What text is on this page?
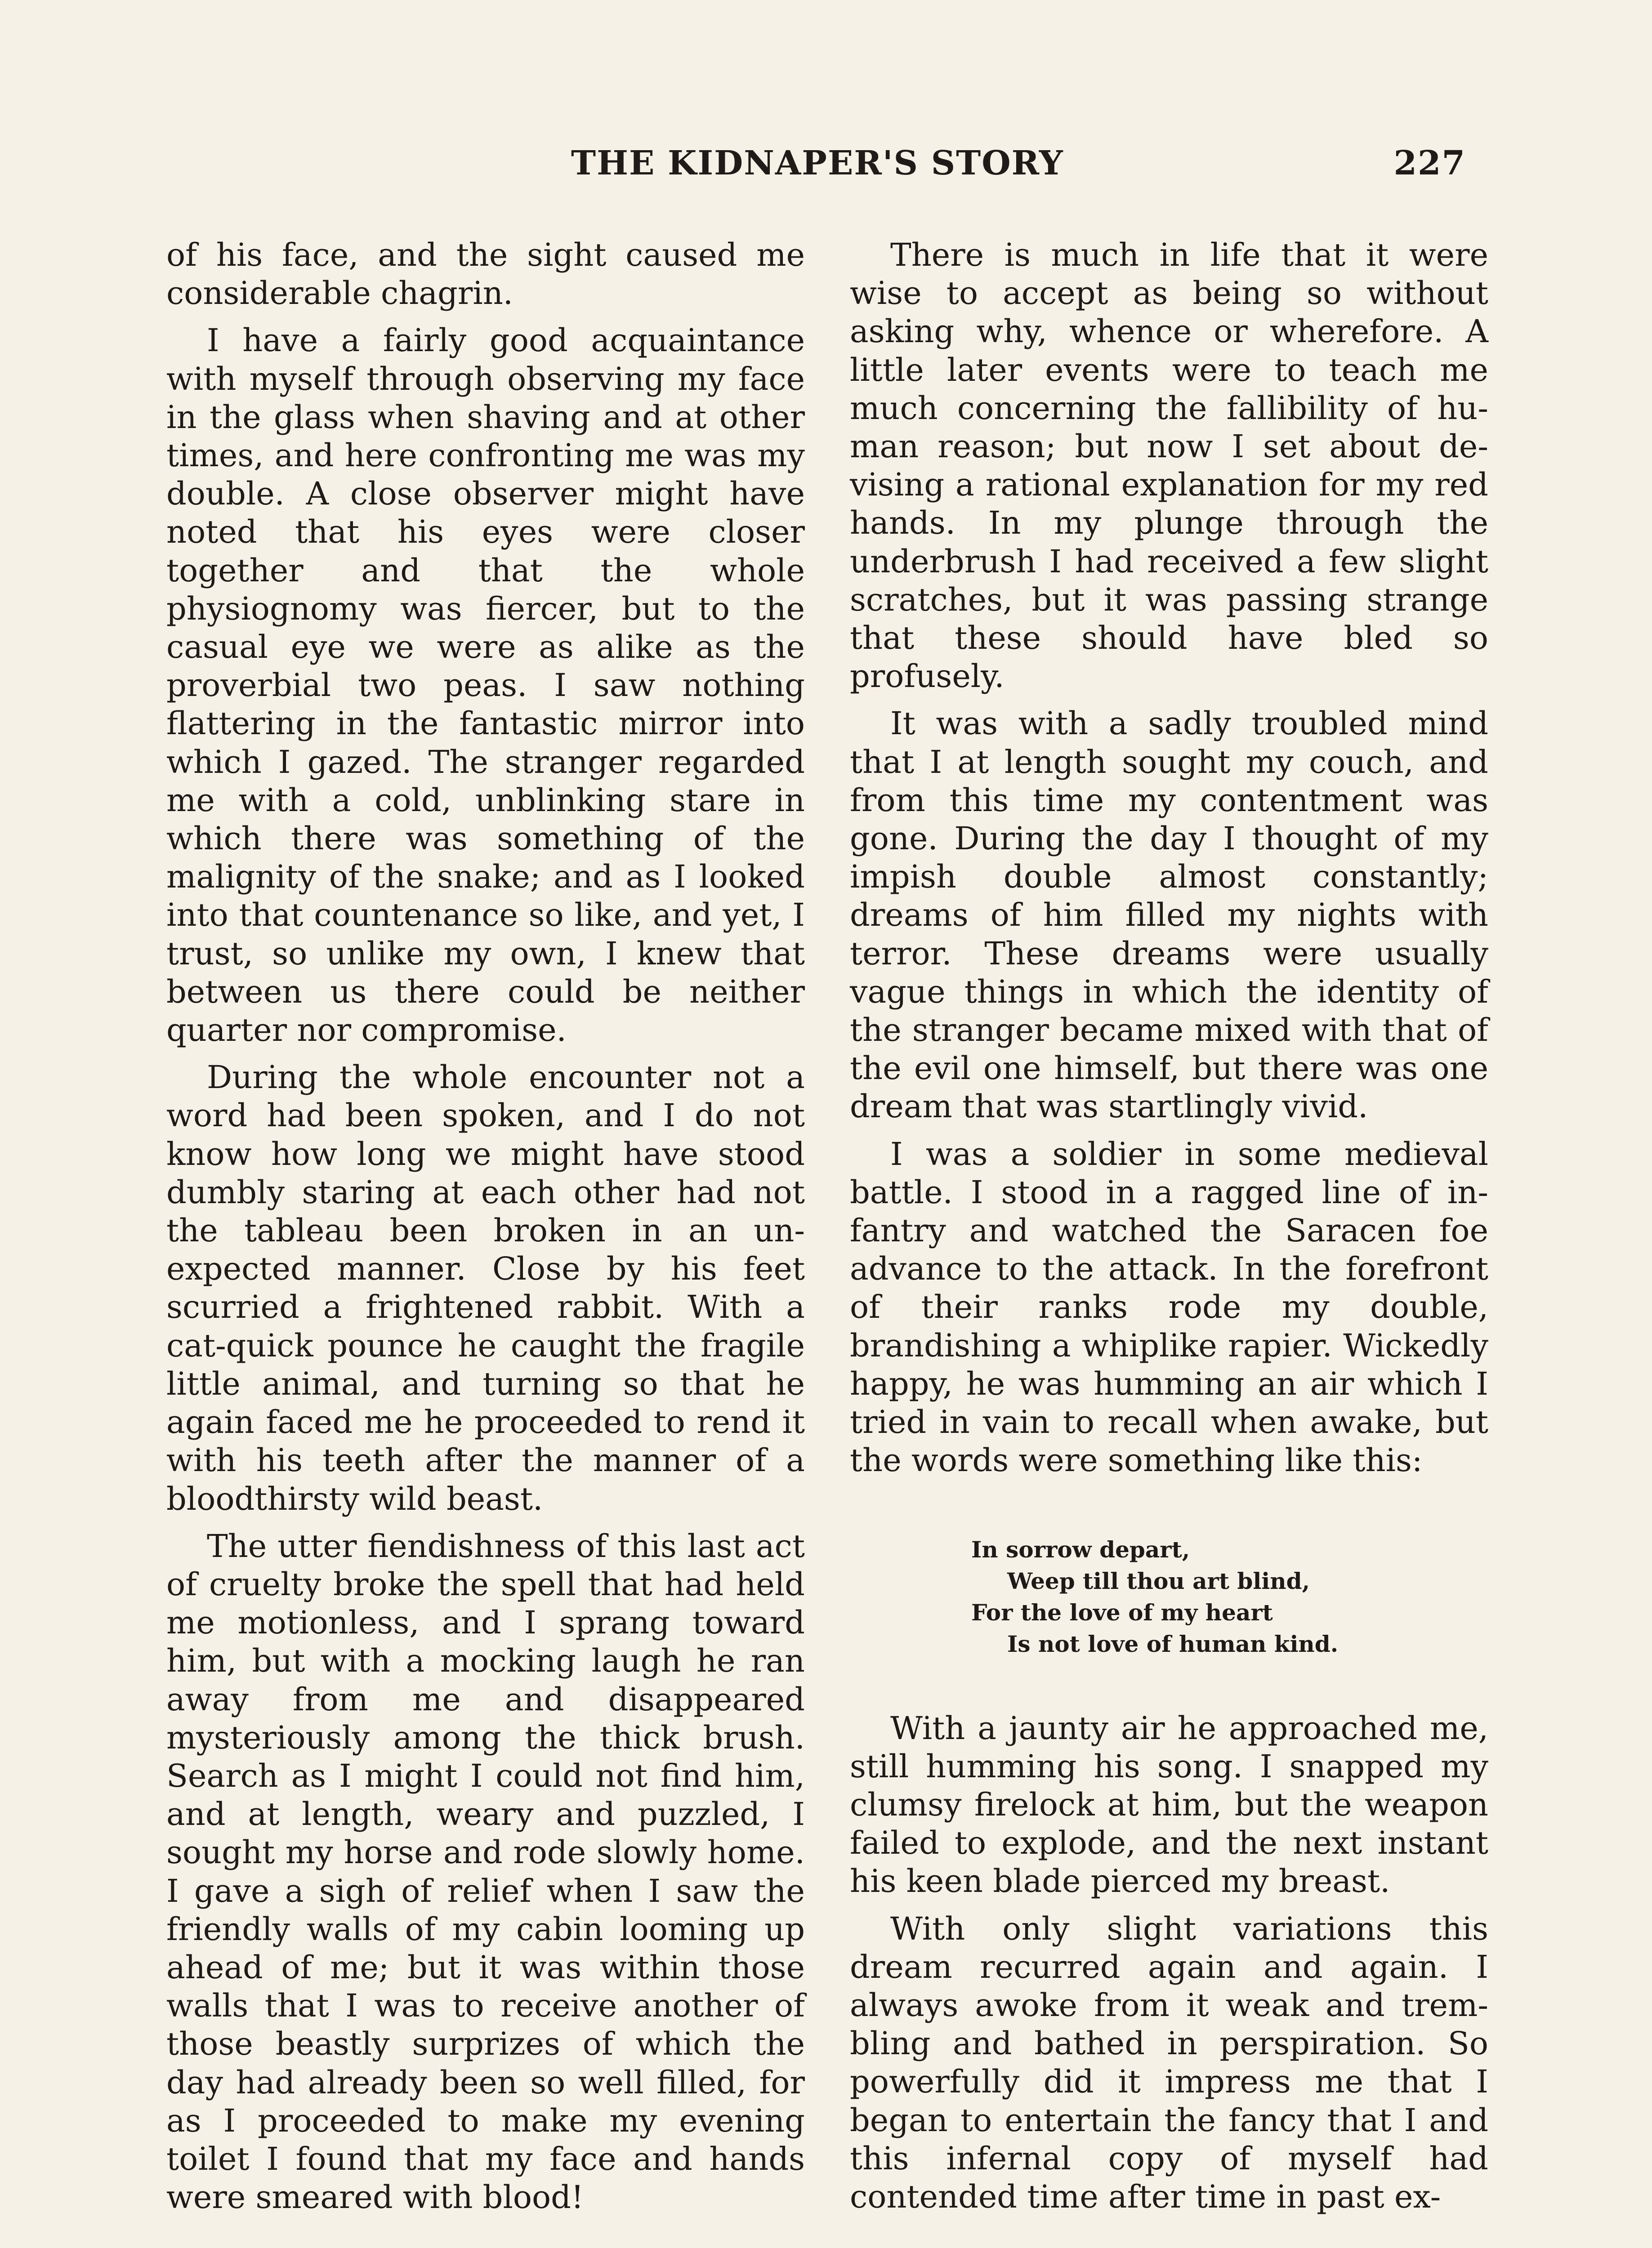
THE KIDNAPER'S STORY	227

of his face, and the sight caused me considerable chagrin.

I have a fairly good acquaintance with myself through observing my face in the glass when shaving and at other times, and here confronting me was my double. A close observer might have noted that his eyes were closer together and that the whole physiognomy was fiercer, but to the casual eye we were as alike as the proverbial two peas. I saw nothing flattering in the fantastic mirror into which I gazed. The stranger regarded me with a cold, unblinking stare in which there was something of the malignity of the snake; and as I looked into that countenance so like, and yet, I trust, so unlike my own, I knew that between us there could be neither quarter nor compromise.

During the whole encounter not a word had been spoken, and I do not know how long we might have stood dumbly staring at each other had not the tableau been broken in an unexpected manner. Close by his feet scurried a frightened rabbit. With a cat-quick pounce he caught the fragile little animal, and turning so that he again faced me he proceeded to rend it with his teeth after the manner of a bloodthirsty wild beast.

The utter fiendishness of this last act of cruelty broke the spell that had held me motionless, and I sprang toward him, but with a mocking laugh he ran away from me and disappeared mysteriously among the thick brush. Search as I might I could not find him, and at length, weary and puzzled, I sought my horse and rode slowly home. I gave a sigh of relief when I saw the friendly walls of my cabin looming up ahead of me; but it was within those walls that I was to receive another of those beastly surprizes of which the day had already been so well filled, for as I proceeded to make my evening toilet I found that my face and hands were smeared with blood!

There is much in life that it were wise to accept as being so without asking why, whence or wherefore. A little later events were to teach me much concerning the fallibility of human reason; but now I set about devising a rational explanation for my red hands. In my plunge through the underbrush I had received a few slight scratches, but it was passing strange that these should have bled so profusely.

It was with a sadly troubled mind that I at length sought my couch, and from this time my contentment was gone. During the day I thought of my impish double almost constantly; dreams of him filled my nights with terror. These dreams were usually vague things in which the identity of the stranger became mixed with that of the evil one himself, but there was one dream that was startlingly vivid.

I was a soldier in some medieval battle. I stood in a ragged line of infantry and watched the Saracen foe advance to the attack. In the forefront of their ranks rode my double, brandishing a whiplike rapier. Wickedly happy, he was humming an air which I tried in vain to recall when awake, but the words were something like this:

In sorrow depart,
Weep till thou art blind,
For the love of my heart
Is not love of human kind.

With a jaunty air he approached me, still humming his song. I snapped my clumsy firelock at him, but the weapon failed to explode, and the next instant his keen blade pierced my breast.

With only slight variations this dream recurred again and again. I always awoke from it weak and trembling and bathed in perspiration. So powerfully did it impress me that I began to entertain the fancy that I and this infernal copy of myself had contended time after time in past ex-
